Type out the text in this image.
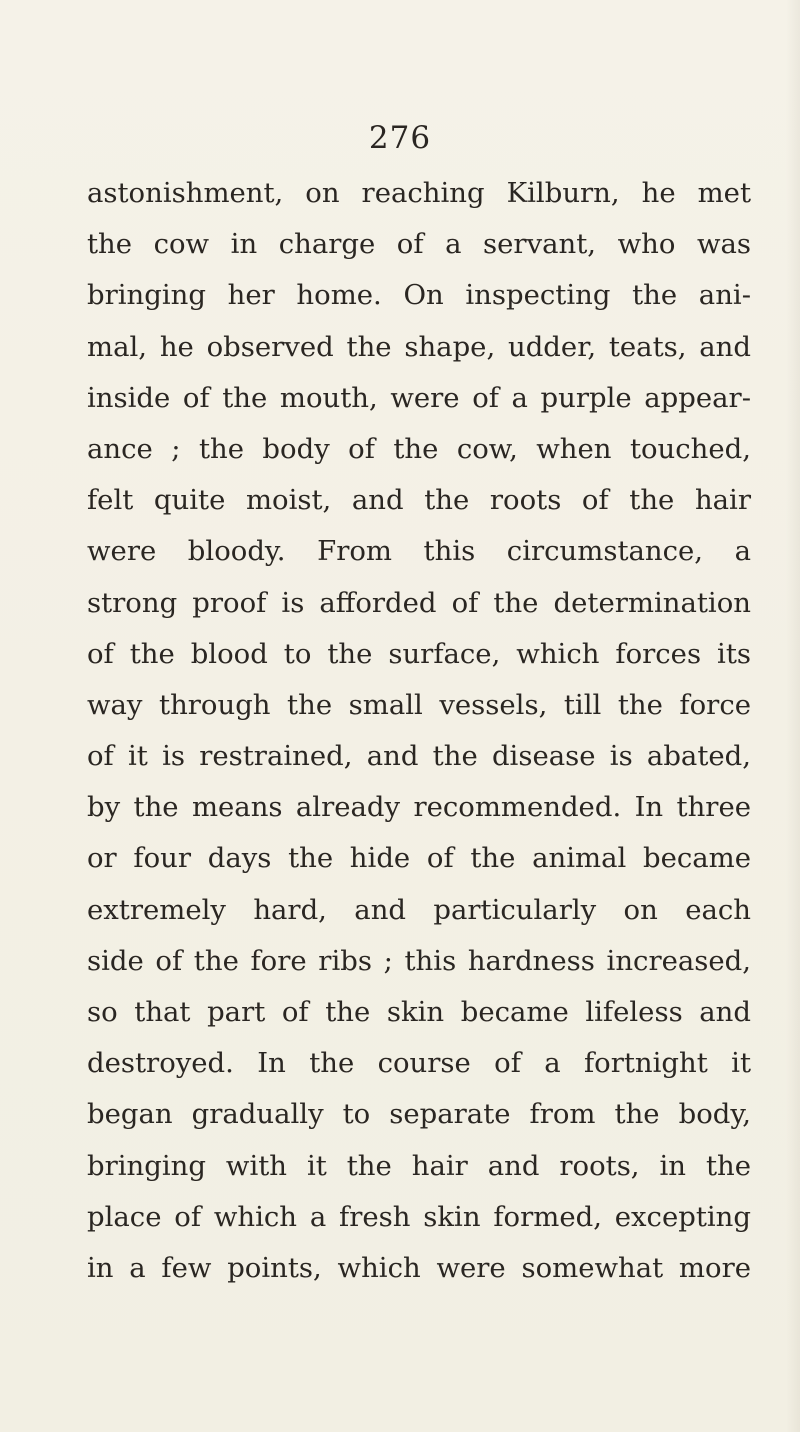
276
astonishment, on reaching Kilburn, he met
the cow in charge of a servant, who was
bringing her home. On inspecting the ani-
mal, he observed the shape, udder, teats, and
inside of the mouth, were of a purple appear-
ance ; the body of the cow, when touched,
felt quite moist, and the roots of the hair
were bloody. From this circumstance, a
strong proof is afforded of the determination
of the blood to the surface, which forces its
way through the small vessels, till the force
of it is restrained, and the disease is abated,
by the means already recommended. In three
or four days the hide of the animal became
extremely hard, and particularly on each
side of the fore ribs ; this hardness increased,
so that part of the skin became lifeless and
destroyed. In the course of a fortnight it
began gradually to separate from the body,
bringing with it the hair and roots, in the
place of which a fresh skin formed, excepting
in a few points, which were somewhat more
